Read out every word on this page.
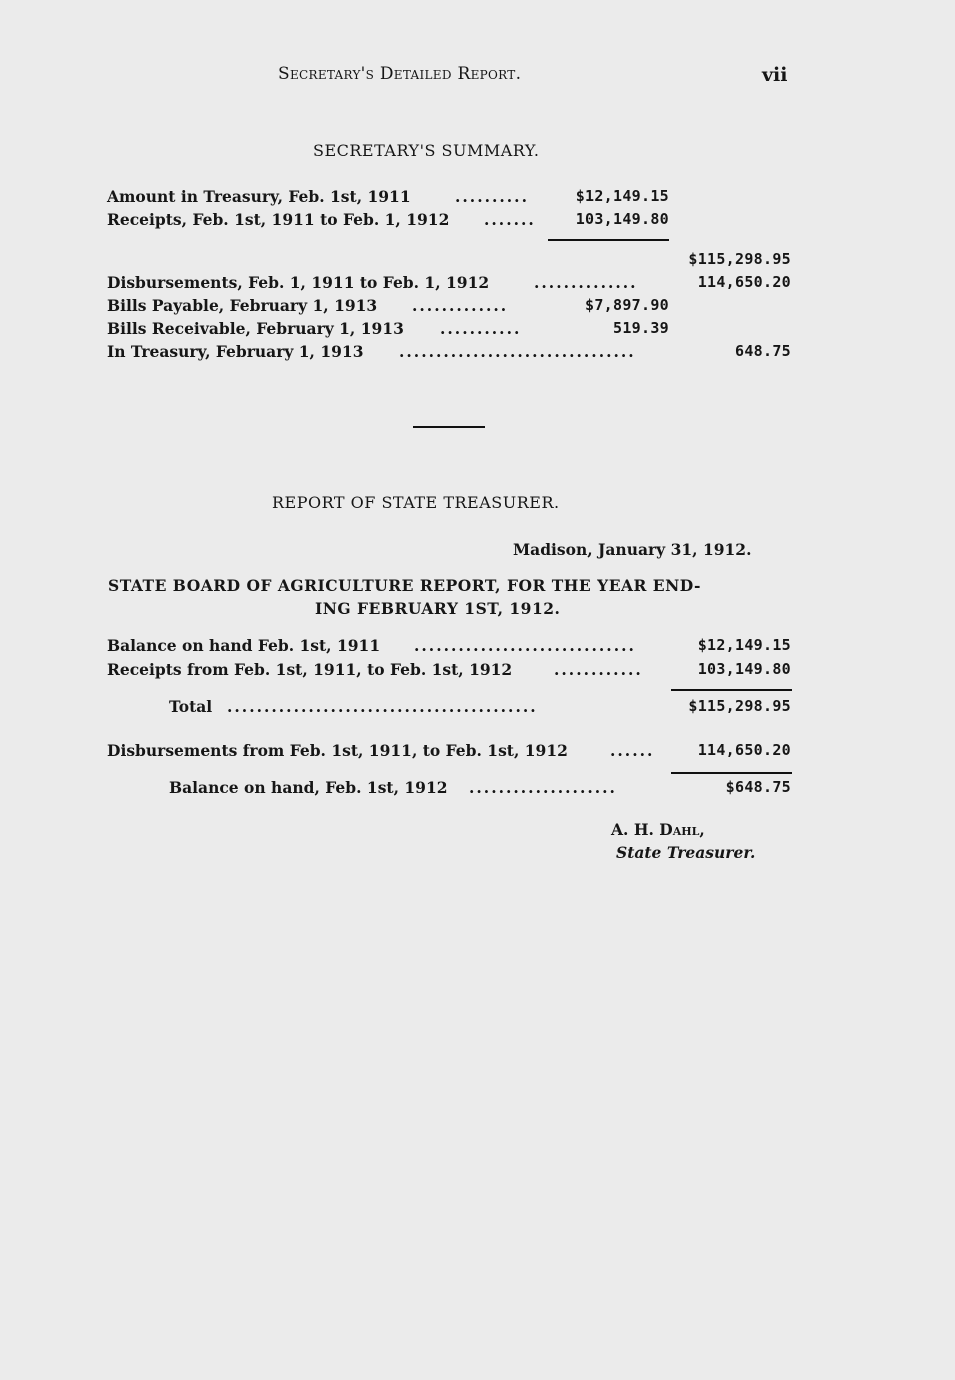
Secretary's Detailed Report.	vii
SECRETARY'S SUMMARY.
Amount in Treasury, Feb. 1st, 1911	..........	$12,149.15
Receipts, Feb. 1st, 1911 to Feb. 1, 1912 .......	103,149.80
$115,298.95
Disbursements, Feb. 1, 1911 to Feb. 1, 1912	..............	114,650.20
Bills Payable, February 1, 1913 .............	$7,897.90
Bills Receivable, February 1, 1913 ...........	519.39
In Treasury, February 1, 1913 ................................	648.75
REPORT OF STATE TREASURER.
Madison, January 31, 1912.
STATE BOARD OF AGRICULTURE REPORT, FOR THE YEAR END-
ING FEBRUARY 1ST, 1912.
Balance on hand Feb. 1st, 1911 ..............................	$12,149.15
Receipts from Feb. 1st, 1911, to Feb. 1st, 1912	............	103,149.80
Total ..........................................	$115,298.95
Disbursements from Feb. 1st, 1911, to Feb. 1st, 1912	......	114,650.20
Balance on hand, Feb. 1st, 1912 ....................	$648.75
A. H. Dahl,
State Treasurer.
